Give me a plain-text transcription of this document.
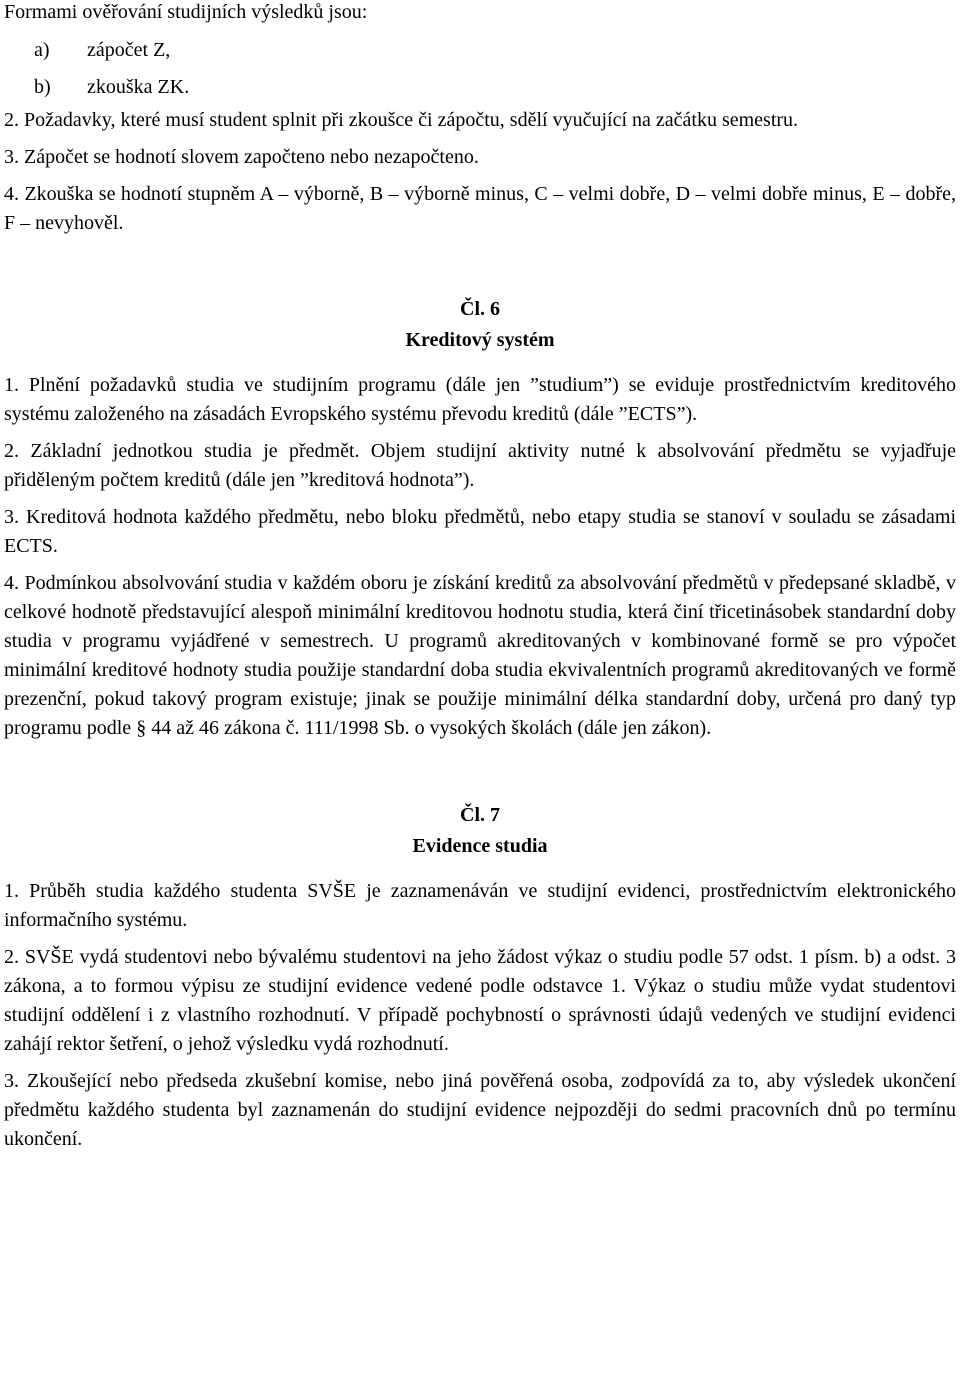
Formami ověřování studijních výsledků jsou:

a)	zápočet Z,
b)	zkouška ZK.

2. Požadavky, které musí student splnit při zkoušce či zápočtu, sdělí vyučující na začátku semestru.

3. Zápočet se hodnotí slovem započteno nebo nezapočteno.

4. Zkouška se hodnotí stupněm A – výborně, B – výborně minus, C – velmi dobře, D – velmi dobře minus, E – dobře, F – nevyhověl.

Čl. 6
Kreditový systém

1. Plnění požadavků studia ve studijním programu (dále jen ”studium”) se eviduje prostřednictvím kreditového systému založeného na zásadách Evropského systému převodu kreditů (dále ”ECTS”).

2. Základní jednotkou studia je předmět. Objem studijní aktivity nutné k absolvování předmětu se vyjadřuje přiděleným počtem kreditů (dále jen ”kreditová hodnota”).

3. Kreditová hodnota každého předmětu, nebo bloku předmětů, nebo etapy studia se stanoví v souladu se zásadami ECTS.

4. Podmínkou absolvování studia v každém oboru je získání kreditů za absolvování předmětů v předepsané skladbě, v celkové hodnotě představující alespoň minimální kreditovou hodnotu studia, která činí třicetinásobek standardní doby studia v programu vyjádřené v semestrech. U programů akreditovaných v kombinované formě se pro výpočet minimální kreditové hodnoty studia použije standardní doba studia ekvivalentních programů akreditovaných ve formě prezenční, pokud takový program existuje; jinak se použije minimální délka standardní doby, určená pro daný typ programu podle § 44 až 46 zákona č. 111/1998 Sb. o vysokých školách (dále jen zákon).

Čl. 7
Evidence studia

1. Průběh studia každého studenta SVŠE je zaznamenáván ve studijní evidenci, prostřednictvím elektronického informačního systému.

2. SVŠE vydá studentovi nebo bývalému studentovi na jeho žádost výkaz o studiu podle 57 odst. 1 písm. b) a odst. 3 zákona, a to formou výpisu ze studijní evidence vedené podle odstavce 1. Výkaz o studiu může vydat studentovi studijní oddělení i z vlastního rozhodnutí. V případě pochybností o správnosti údajů vedených ve studijní evidenci zahájí rektor šetření, o jehož výsledku vydá rozhodnutí.

3. Zkoušející nebo předseda zkušební komise, nebo jiná pověřená osoba, zodpovídá za to, aby výsledek ukončení předmětu každého studenta byl zaznamenán do studijní evidence nejpozději do sedmi pracovních dnů po termínu ukončení.
